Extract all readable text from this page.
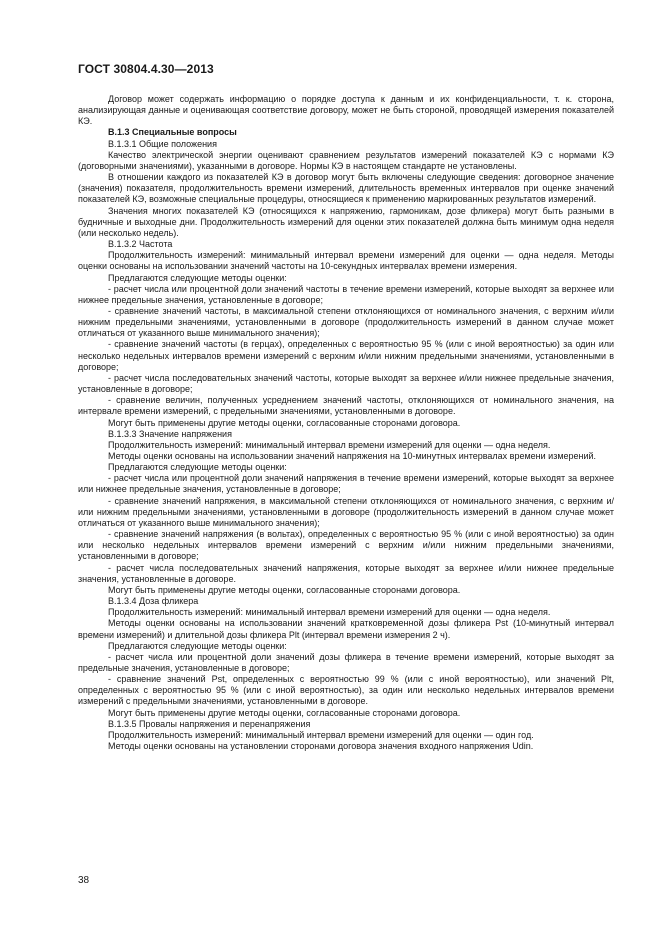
ГОСТ 30804.4.30—2013

Договор может содержать информацию о порядке доступа к данным и их конфиденциальности, т. к. сторона, анализирующая данные и оценивающая соответствие договору, может не быть стороной, проводящей измерения показателей КЭ.

B.1.3 Специальные вопросы

В.1.3.1 Общие положения

Качество электрической энергии оценивают сравнением результатов измерений показателей КЭ с нормами КЭ (договорными значениями), указанными в договоре. Нормы КЭ в настоящем стандарте не установлены.

В отношении каждого из показателей КЭ в договор могут быть включены следующие сведения: договорное значение (значения) показателя, продолжительность времени измерений, длительность временных интервалов при оценке значений показателей КЭ, возможные специальные процедуры, относящиеся к применению маркированных результатов измерений.

Значения многих показателей КЭ (относящихся к напряжению, гармоникам, дозе фликера) могут быть разными в будничные и выходные дни. Продолжительность измерений для оценки этих показателей должна быть минимум одна неделя (или несколько недель).

В.1.3.2 Частота

Продолжительность измерений: минимальный интервал времени измерений для оценки — одна неделя. Методы оценки основаны на использовании значений частоты на 10-секундных интервалах времени измерения.

Предлагаются следующие методы оценки:

- расчет числа или процентной доли значений частоты в течение времени измерений, которые выходят за верхнее или нижнее предельные значения, установленные в договоре;

- сравнение значений частоты, в максимальной степени отклоняющихся от номинального значения, с верхним и/или нижним предельными значениями, установленными в договоре (продолжительность измерений в данном случае может отличаться от указанного выше минимального значения);

- сравнение значений частоты (в герцах), определенных с вероятностью 95 % (или с иной вероятностью) за один или несколько недельных интервалов времени измерений с верхним и/или нижним предельными значениями, установленными в договоре;

- расчет числа последовательных значений частоты, которые выходят за верхнее и/или нижнее предельные значения, установленные в договоре;

- сравнение величин, полученных усреднением значений частоты, отклоняющихся от номинального значения, на интервале времени измерений, с предельными значениями, установленными в договоре.

Могут быть применены другие методы оценки, согласованные сторонами договора.

В.1.3.3 Значение напряжения

Продолжительность измерений: минимальный интервал времени измерений для оценки — одна неделя.

Методы оценки основаны на использовании значений напряжения на 10-минутных интервалах времени измерений.

Предлагаются следующие методы оценки:

- расчет числа или процентной доли значений напряжения в течение времени измерений, которые выходят за верхнее или нижнее предельные значения, установленные в договоре;

- сравнение значений напряжения, в максимальной степени отклоняющихся от номинального значения, с верхним и/или нижним предельными значениями, установленными в договоре (продолжительность измерений в данном случае может отличаться от указанного выше минимального значения);

- сравнение значений напряжения (в вольтах), определенных с вероятностью 95 % (или с иной вероятностью) за один или несколько недельных интервалов времени измерений с верхним и/или нижним предельными значениями, установленными в договоре;

- расчет числа последовательных значений напряжения, которые выходят за верхнее и/или нижнее предельные значения, установленные в договоре.

Могут быть применены другие методы оценки, согласованные сторонами договора.

В.1.3.4 Доза фликера

Продолжительность измерений: минимальный интервал времени измерений для оценки — одна неделя.

Методы оценки основаны на использовании значений кратковременной дозы фликера Pst (10-минутный интервал времени измерений) и длительной дозы фликера Plt (интервал времени измерения 2 ч).

Предлагаются следующие методы оценки:

- расчет числа или процентной доли значений дозы фликера в течение времени измерений, которые выходят за предельные значения, установленные в договоре;

- сравнение значений Pst, определенных с вероятностью 99 % (или с иной вероятностью), или значений Plt, определенных с вероятностью 95 % (или с иной вероятностью), за один или несколько недельных интервалов времени измерений с предельными значениями, установленными в договоре.

Могут быть применены другие методы оценки, согласованные сторонами договора.

В.1.3.5 Провалы напряжения и перенапряжения

Продолжительность измерений: минимальный интервал времени измерений для оценки — один год.

Методы оценки основаны на установлении сторонами договора значения входного напряжения Udin.

38
